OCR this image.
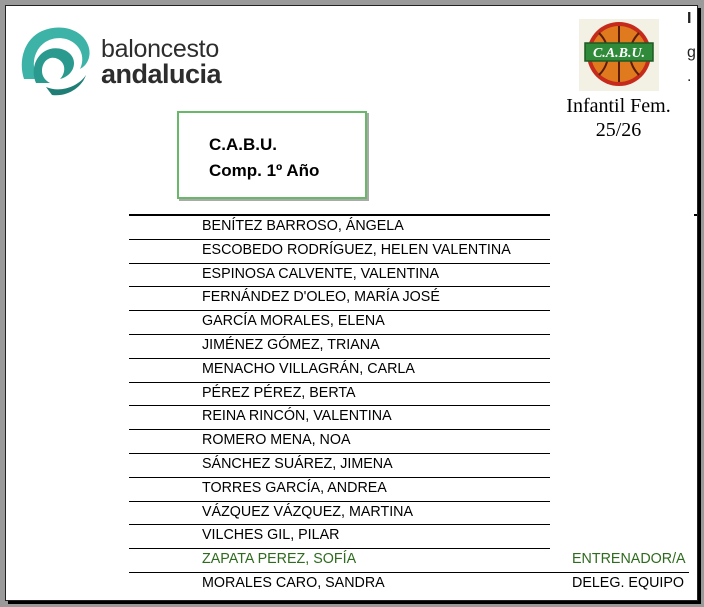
baloncesto
andalucia
C.A.B.U.
Infantil Fem.
25/26
I
g
.
C.A.B.U.
Comp. 1º Año
BENÍTEZ BARROSO, ÁNGELA
ESCOBEDO RODRÍGUEZ, HELEN VALENTINA
ESPINOSA CALVENTE, VALENTINA
FERNÁNDEZ D'OLEO, MARÍA JOSÉ
GARCÍA MORALES, ELENA
JIMÉNEZ GÓMEZ, TRIANA
MENACHO VILLAGRÁN, CARLA
PÉREZ PÉREZ, BERTA
REINA RINCÓN, VALENTINA
ROMERO MENA, NOA
SÁNCHEZ SUÁREZ, JIMENA
TORRES GARCÍA, ANDREA
VÁZQUEZ VÁZQUEZ, MARTINA
VILCHES GIL, PILAR
ZAPATA PEREZ, SOFÍA	ENTRENADOR/A
MORALES CARO, SANDRA	DELEG. EQUIPO
